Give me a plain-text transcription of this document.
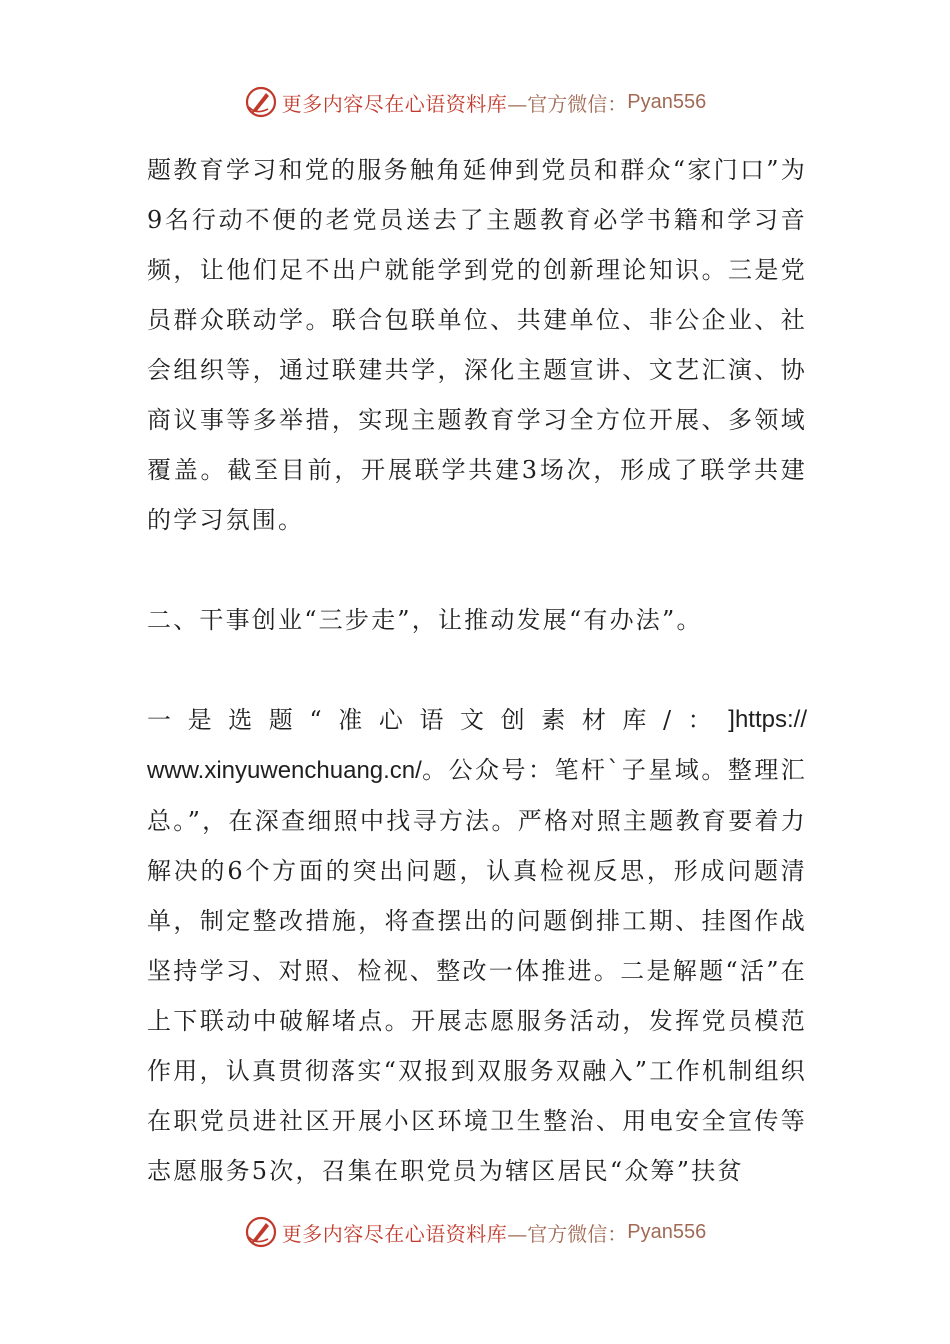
更多内容尽在心语资料库 —官方微信： Pyan556

题教育学习和党的服务触角延伸到党员和群众“家门口”为9名行动不便的老党员送去了主题教育必学书籍和学习音频，让他们足不出户就能学到党的创新理论知识。三是党员群众联动学。联合包联单位、共建单位、非公企业、社会组织等，通过联建共学，深化主题宣讲、文艺汇演、协商议事等多举措，实现主题教育学习全方位开展、多领域覆盖。截至目前，开展联学共建3场次，形成了联学共建的学习氛围。

二、干事创业“三步走”，让推动发展“有办法”。

一 是 选 题 “ 准 心 语 文 创 素 材 库 / ： ]https://

www.xinyuwenchuang.cn/。公众号：笔杆`子星域。整理汇总。”，在深查细照中找寻方法。严格对照主题教育要着力解决的6个方面的突出问题，认真检视反思，形成问题清单，制定整改措施，将查摆出的问题倒排工期、挂图作战坚持学习、对照、检视、整改一体推进。二是解题“活”在上下联动中破解堵点。开展志愿服务活动，发挥党员模范作用，认真贯彻落实“双报到双服务双融入”工作机制组织在职党员进社区开展小区环境卫生整治、用电安全宣传等志愿服务5次，召集在职党员为辖区居民“众筹”扶贫

更多内容尽在心语资料库 —官方微信： Pyan556
